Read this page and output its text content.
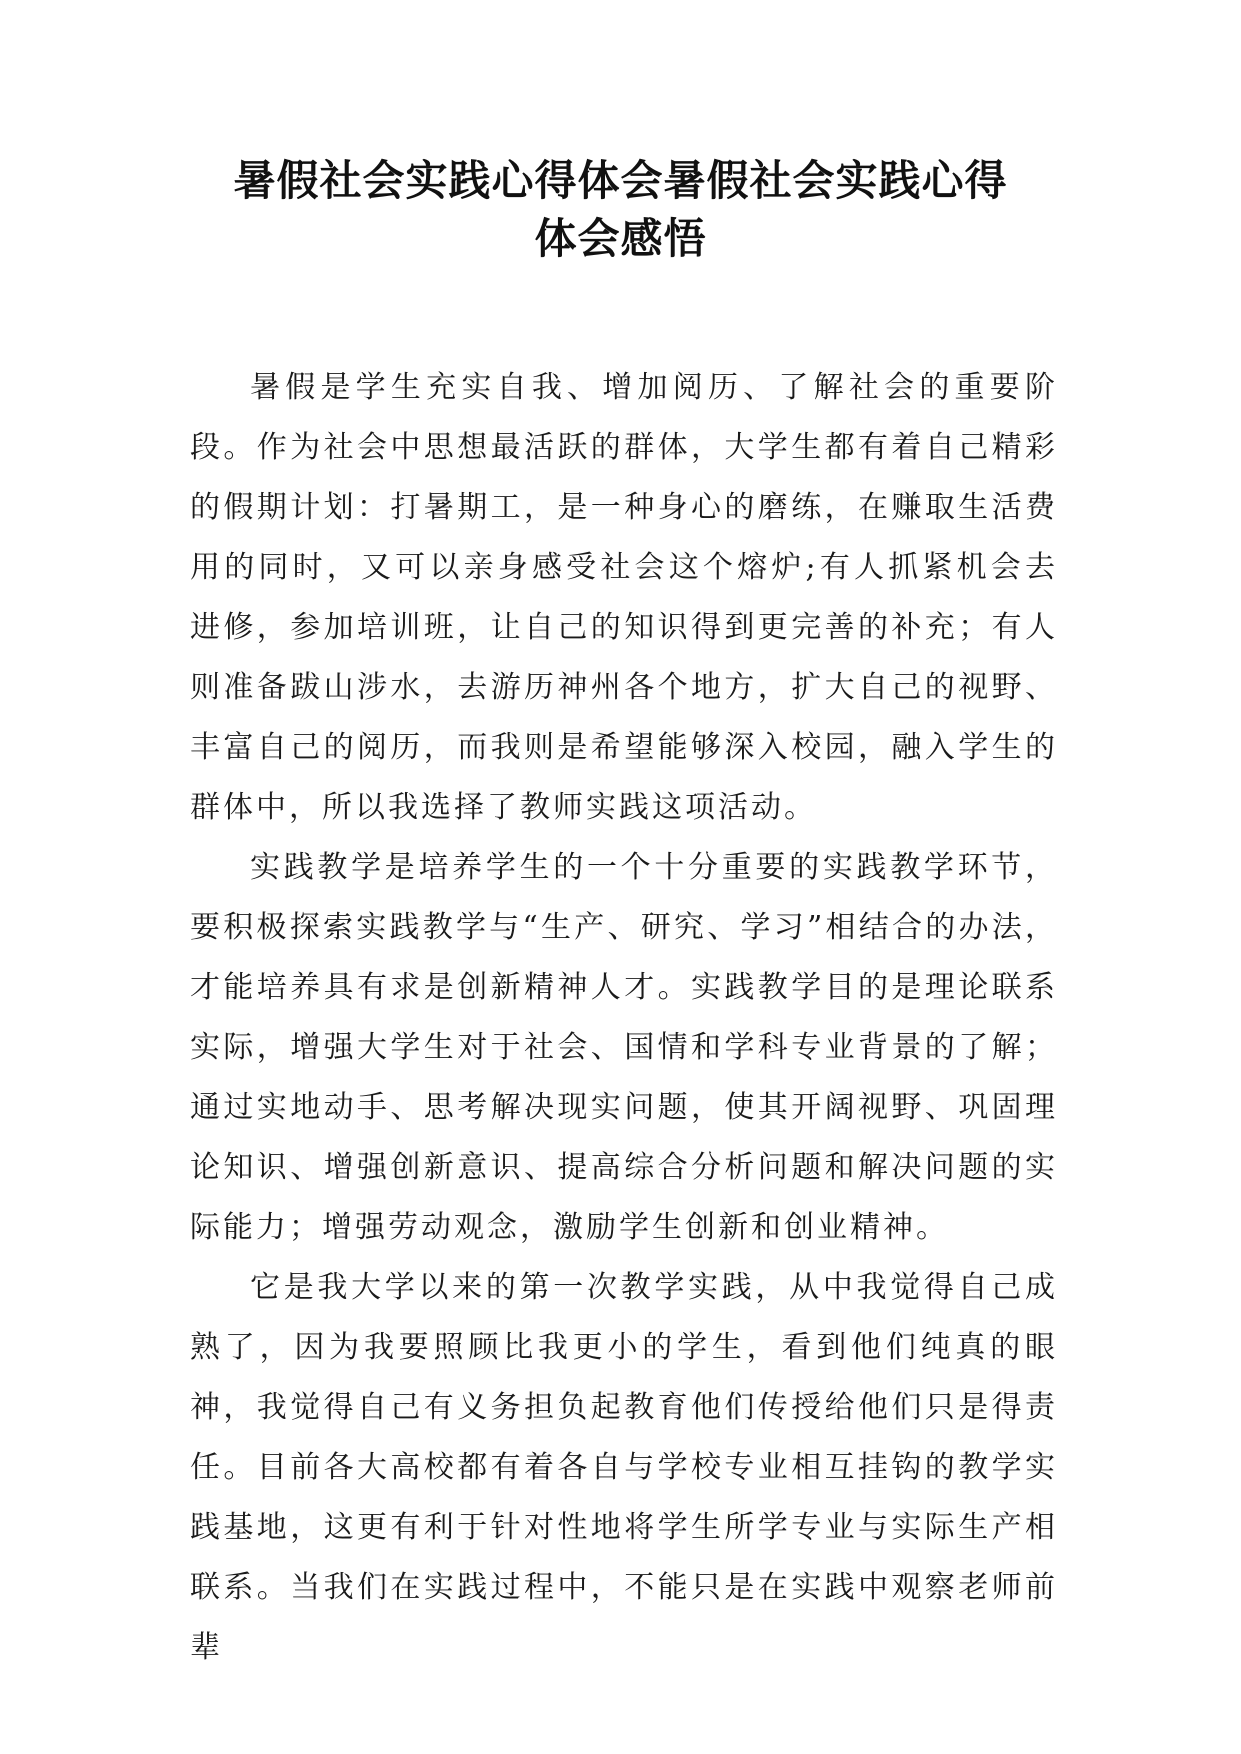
暑假社会实践心得体会暑假社会实践心得
体会感悟

暑假是学生充实自我、增加阅历、了解社会的重要阶段。作为社会中思想最活跃的群体，大学生都有着自己精彩的假期计划：打暑期工，是一种身心的磨练，在赚取生活费用的同时，又可以亲身感受社会这个熔炉;有人抓紧机会去进修，参加培训班，让自己的知识得到更完善的补充；有人则准备跋山涉水，去游历神州各个地方，扩大自己的视野、丰富自己的阅历，而我则是希望能够深入校园，融入学生的群体中，所以我选择了教师实践这项活动。

实践教学是培养学生的一个十分重要的实践教学环节，要积极探索实践教学与“生产、研究、学习”相结合的办法，才能培养具有求是创新精神人才。实践教学目的是理论联系实际，增强大学生对于社会、国情和学科专业背景的了解；通过实地动手、思考解决现实问题，使其开阔视野、巩固理论知识、增强创新意识、提高综合分析问题和解决问题的实际能力；增强劳动观念，激励学生创新和创业精神。

它是我大学以来的第一次教学实践，从中我觉得自己成熟了，因为我要照顾比我更小的学生，看到他们纯真的眼神，我觉得自己有义务担负起教育他们传授给他们只是得责任。目前各大高校都有着各自与学校专业相互挂钩的教学实践基地，这更有利于针对性地将学生所学专业与实际生产相联系。当我们在实践过程中，不能只是在实践中观察老师前辈
